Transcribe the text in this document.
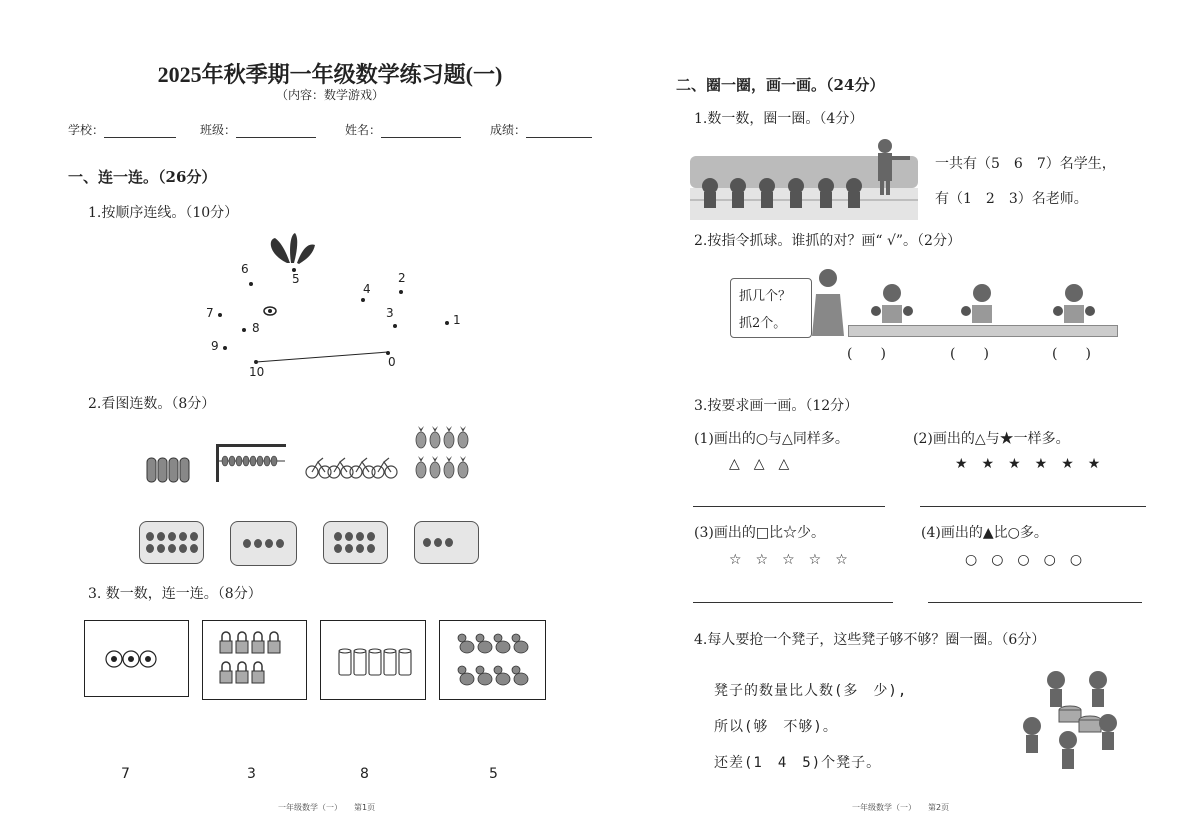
2025年秋季期一年级数学练习题(一)
（内容：数学游戏）
学校：	班级：	姓名：	成绩：
一、连一连。（26分）
1.按顺序连线。（10分）
6
5
4
2
7	3	1
8
9
0
10
2.看图连数。（8分）
3. 数一数，连一连。（8分）
7	3	8	5
一年级数学（一）　　第1页
二、圈一圈，画一画。（24分）
1.数一数，圈一圈。（4分）
一共有（5　6　7）名学生，
有（1　2　3）名老师。
2.按指令抓球。谁抓的对？画“ √”。（2分）
抓几个？
抓2个。
(　　)	(　　)	(　　)
3.按要求画一画。（12分）
(1)画出的○与△同样多。
△　△　△
(2)画出的△与★一样多。
★　★　★　★　★　★
(3)画出的□比☆少。
☆　☆　☆　☆　☆
(4)画出的▲比○多。
○　○　○　○　○
4.每人要抢一个凳子，这些凳子够不够？圈一圈。（6分）
凳子的数量比人数(多　少),
所以(够　不够)。
还差(1　4　5)个凳子。
一年级数学（一）　　第2页
